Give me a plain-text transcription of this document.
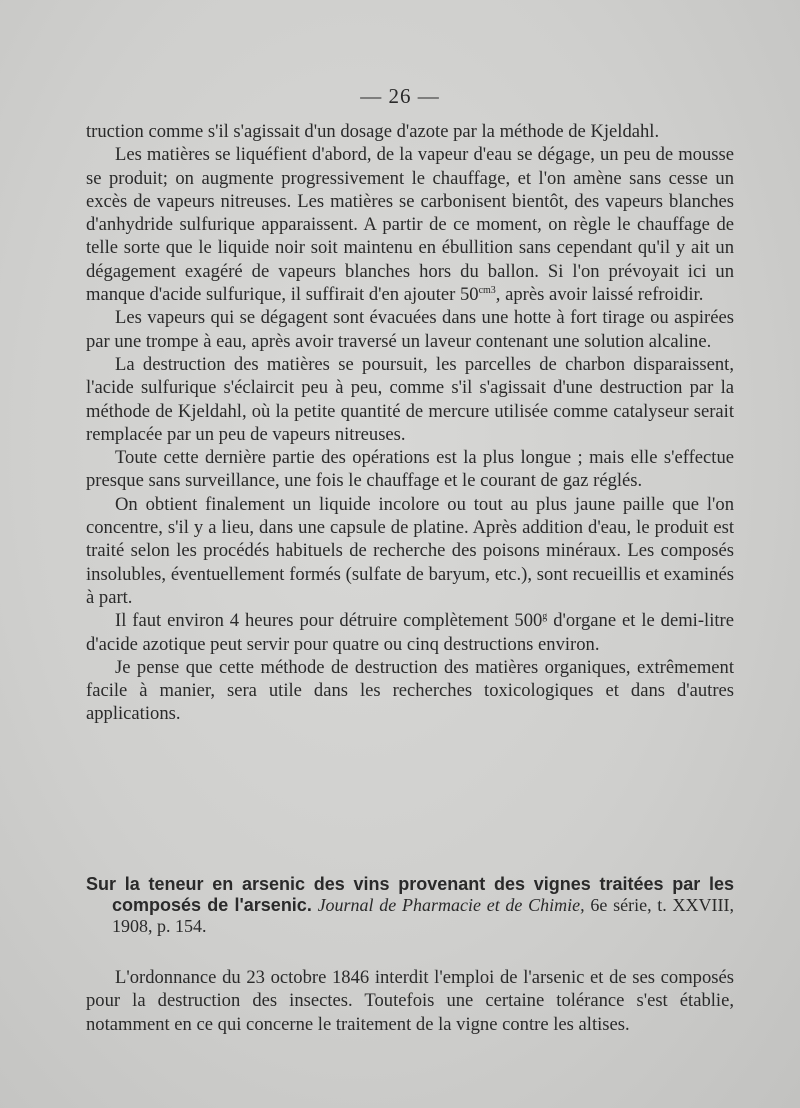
— 26 —

truction comme s'il s'agissait d'un dosage d'azote par la méthode de Kjeldahl.

Les matières se liquéfient d'abord, de la vapeur d'eau se dégage, un peu de mousse se produit; on augmente progressivement le chauffage, et l'on amène sans cesse un excès de vapeurs nitreuses. Les matières se carbonisent bientôt, des vapeurs blanches d'anhydride sulfurique apparaissent. A partir de ce moment, on règle le chauffage de telle sorte que le liquide noir soit maintenu en ébullition sans cependant qu'il y ait un dégagement exagéré de vapeurs blanches hors du ballon. Si l'on prévoyait ici un manque d'acide sulfurique, il suffirait d'en ajouter $50^{cm3}$, après avoir laissé refroidir.

Les vapeurs qui se dégagent sont évacuées dans une hotte à fort tirage ou aspirées par une trompe à eau, après avoir traversé un laveur contenant une solution alcaline.

La destruction des matières se poursuit, les parcelles de charbon disparaissent, l'acide sulfurique s'éclaircit peu à peu, comme s'il s'agissait d'une destruction par la méthode de Kjeldahl, où la petite quantité de mercure utilisée comme catalyseur serait remplacée par un peu de vapeurs nitreuses.

Toute cette dernière partie des opérations est la plus longue ; mais elle s'effectue presque sans surveillance, une fois le chauffage et le courant de gaz réglés.

On obtient finalement un liquide incolore ou tout au plus jaune paille que l'on concentre, s'il y a lieu, dans une capsule de platine. Après addition d'eau, le produit est traité selon les procédés habituels de recherche des poisons minéraux. Les composés insolubles, éventuellement formés (sulfate de baryum, etc.), sont recueillis et examinés à part.

Il faut environ 4 heures pour détruire complètement 500$^g$ d'organe et le demi-litre d'acide azotique peut servir pour quatre ou cinq destructions environ.

Je pense que cette méthode de destruction des matières organiques, extrêmement facile à manier, sera utile dans les recherches toxicologiques et dans d'autres applications.

Sur la teneur en arsenic des vins provenant des vignes traitées par les composés de l'arsenic. Journal de Pharmacie et de Chimie, 6e série, t. XXVIII, 1908, p. 154.

L'ordonnance du 23 octobre 1846 interdit l'emploi de l'arsenic et de ses composés pour la destruction des insectes. Toutefois une certaine tolérance s'est établie, notamment en ce qui concerne le traitement de la vigne contre les altises.
